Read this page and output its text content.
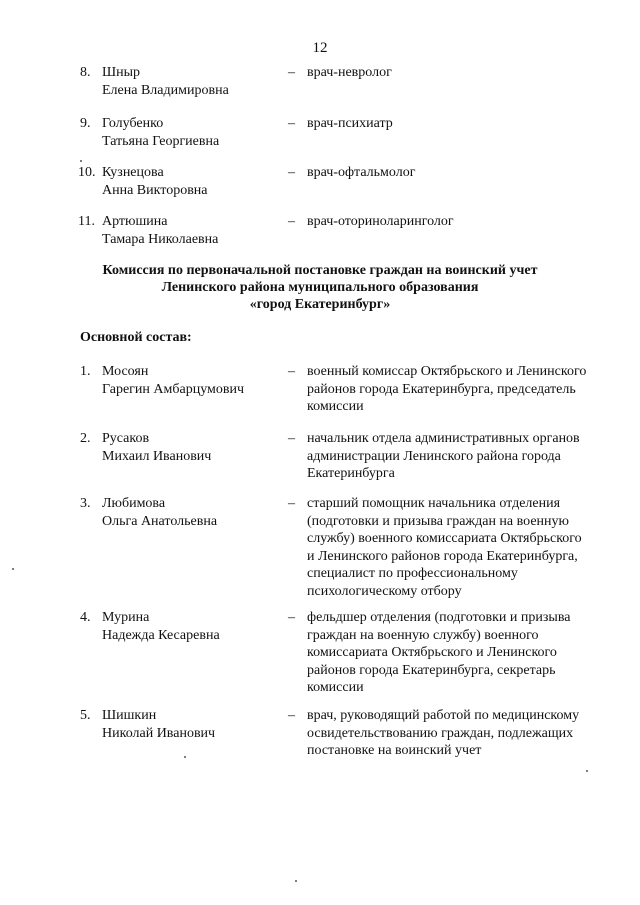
12
8. Шныр
Елена Владимировна
– врач-невролог
9. Голубенко
Татьяна Георгиевна
– врач-психиатр
10. Кузнецова
Анна Викторовна
– врач-офтальмолог
11. Артюшина
Тамара Николаевна
– врач-оториноларинголог
Комиссия по первоначальной постановке граждан на воинский учет
Ленинского района муниципального образования
«город Екатеринбург»
Основной состав:
1. Мосоян
Гарегин Амбарцумович
– военный комиссар Октябрьского и Ленинского
районов города Екатеринбурга, председатель
комиссии
2. Русаков
Михаил Иванович
– начальник отдела административных органов
администрации Ленинского района города
Екатеринбурга
3. Любимова
Ольга Анатольевна
– старший помощник начальника отделения
(подготовки и призыва граждан на военную
службу) военного комиссариата Октябрьского
и Ленинского районов города Екатеринбурга,
специалист по профессиональному
психологическому отбору
4. Мурина
Надежда Кесаревна
– фельдшер отделения (подготовки и призыва
граждан на военную службу) военного
комиссариата Октябрьского и Ленинского
районов города Екатеринбурга, секретарь
комиссии
5. Шишкин
Николай Иванович
– врач, руководящий работой по медицинскому
освидетельствованию граждан, подлежащих
постановке на воинский учет
